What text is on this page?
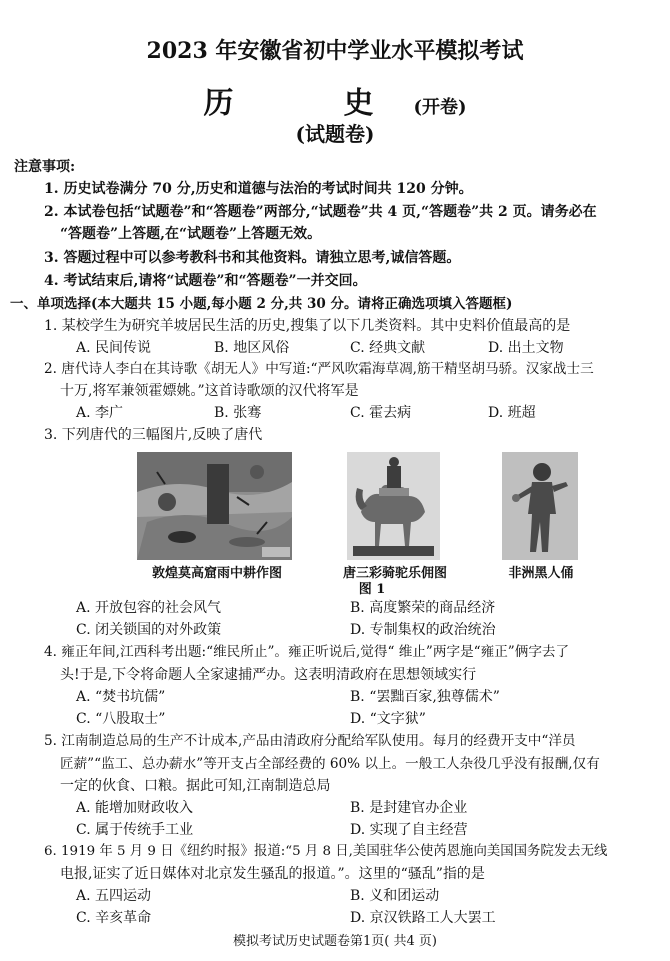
2023 年安徽省初中学业水平模拟考试
历　史(开卷)
(试题卷)
注意事项:
1. 历史试卷满分 70 分,历史和道德与法治的考试时间共 120 分钟。
2. 本试卷包括“试题卷”和“答题卷”两部分,“试题卷”共 4 页,“答题卷”共 2 页。请务必在
“答题卷”上答题,在“试题卷”上答题无效。
3. 答题过程中可以参考教科书和其他资料。请独立思考,诚信答题。
4. 考试结束后,请将“试题卷”和“答题卷”一并交回。
一、单项选择(本大题共 15 小题,每小题 2 分,共 30 分。请将正确选项填入答题框)
1. 某校学生为研究羊坡居民生活的历史,搜集了以下几类资料。其中史料价值最高的是
A. 民间传说	B. 地区风俗	C. 经典文献	D. 出土文物
2. 唐代诗人李白在其诗歌《胡无人》中写道:“严风吹霜海草凋,筋干精坚胡马骄。汉家战士三
十万,将军兼领霍嫖姚。”这首诗歌颂的汉代将军是
A. 李广	B. 张骞	C. 霍去病	D. 班超
3. 下列唐代的三幅图片,反映了唐代
敦煌莫高窟雨中耕作图	唐三彩骑驼乐佣图	非洲黑人俑
图 1
A. 开放包容的社会风气	B. 高度繁荣的商品经济
C. 闭关锁国的对外政策	D. 专制集权的政治统治
4. 雍正年间,江西科考出题:“维民所止”。雍正听说后,觉得“ 维止”两字是“雍正”俩字去了
头!于是,下令将命题人全家逮捕严办。这表明清政府在思想领域实行
A. “焚书坑儒”	B. “罢黜百家,独尊儒术”
C. “八股取士”	D. “文字狱”
5. 江南制造总局的生产不计成本,产品由清政府分配给军队使用。每月的经费开支中“洋员
匠薪”“监工、总办薪水”等开支占全部经费的 60% 以上。一般工人杂役几乎没有报酬,仅有
一定的伙食、口粮。据此可知,江南制造总局
A. 能增加财政收入	B. 是封建官办企业
C. 属于传统手工业	D. 实现了自主经营
6. 1919 年 5 月 9 日《纽约时报》报道:“5 月 8 日,美国驻华公使芮恩施向美国国务院发去无线
电报,证实了近日媒体对北京发生骚乱的报道。”。这里的“骚乱”指的是
A. 五四运动	B. 义和团运动
C. 辛亥革命	D. 京汉铁路工人大罢工
模拟考试历史试题卷第1页( 共4 页)
